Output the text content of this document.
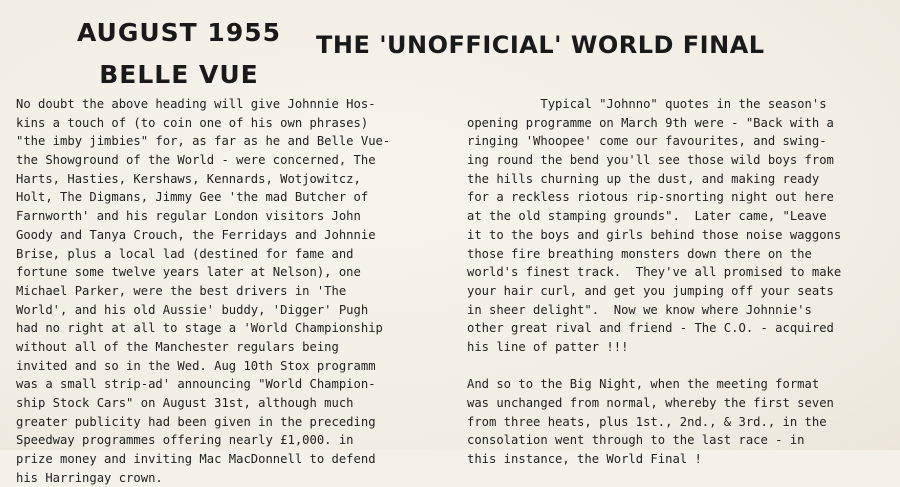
AUGUST 1955
BELLE VUE
THE 'UNOFFICIAL' WORLD FINAL
No doubt the above heading will give Johnnie Hos-
kins a touch of (to coin one of his own phrases)
"the imby jimbies" for, as far as he and Belle Vue-
the Showground of the World - were concerned, The
Harts, Hasties, Kershaws, Kennards, Wotjowitcz,
Holt, The Digmans, Jimmy Gee 'the mad Butcher of
Farnworth' and his regular London visitors John
Goody and Tanya Crouch, the Ferridays and Johnnie
Brise, plus a local lad (destined for fame and
fortune some twelve years later at Nelson), one
Michael Parker, were the best drivers in 'The
World', and his old Aussie' buddy, 'Digger' Pugh
had no right at all to stage a 'World Championship
without all of the Manchester regulars being
invited and so in the Wed. Aug 10th Stox programm
was a small strip-ad' announcing "World Champion-
ship Stock Cars" on August 31st, although much
greater publicity had been given in the preceding
Speedway programmes offering nearly £1,000. in
prize money and inviting Mac MacDonnell to defend
his Harringay crown.
Typical "Johnno" quotes in the season's
opening programme on March 9th were - "Back with a
ringing 'Whoopee' come our favourites, and swing-
ing round the bend you'll see those wild boys from
the hills churning up the dust, and making ready
for a reckless riotous rip-snorting night out here
at the old stamping grounds".  Later came, "Leave
it to the boys and girls behind those noise waggons
those fire breathing monsters down there on the
world's finest track.  They've all promised to make
your hair curl, and get you jumping off your seats
in sheer delight".  Now we know where Johnnie's
other great rival and friend - The C.O. - acquired
his line of patter !!!
And so to the Big Night, when the meeting format
was unchanged from normal, whereby the first seven
from three heats, plus 1st., 2nd., & 3rd., in the
consolation went through to the last race - in
this instance, the World Final !
